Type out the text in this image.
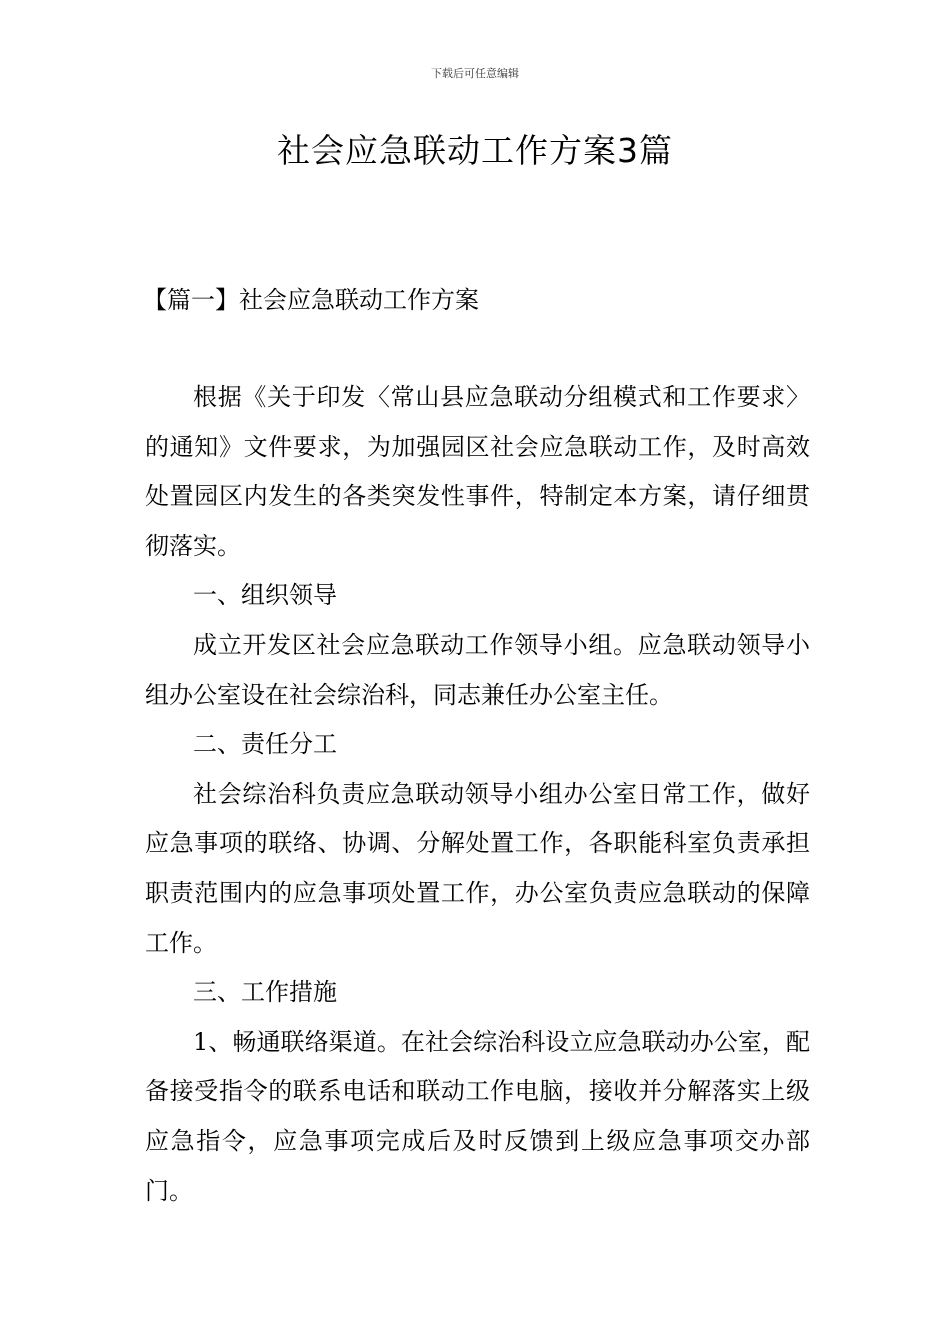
下载后可任意编辑
社会应急联动工作方案3篇
【篇一】社会应急联动工作方案

根据《关于印发〈常山县应急联动分组模式和工作要求〉的通知》文件要求，为加强园区社会应急联动工作，及时高效处置园区内发生的各类突发性事件，特制定本方案，请仔细贯彻落实。

一、组织领导

成立开发区社会应急联动工作领导小组。应急联动领导小组办公室设在社会综治科，同志兼任办公室主任。

二、责任分工

社会综治科负责应急联动领导小组办公室日常工作，做好应急事项的联络、协调、分解处置工作，各职能科室负责承担职责范围内的应急事项处置工作，办公室负责应急联动的保障工作。

三、工作措施

1、畅通联络渠道。在社会综治科设立应急联动办公室，配备接受指令的联系电话和联动工作电脑，接收并分解落实上级应急指令，应急事项完成后及时反馈到上级应急事项交办部门。
